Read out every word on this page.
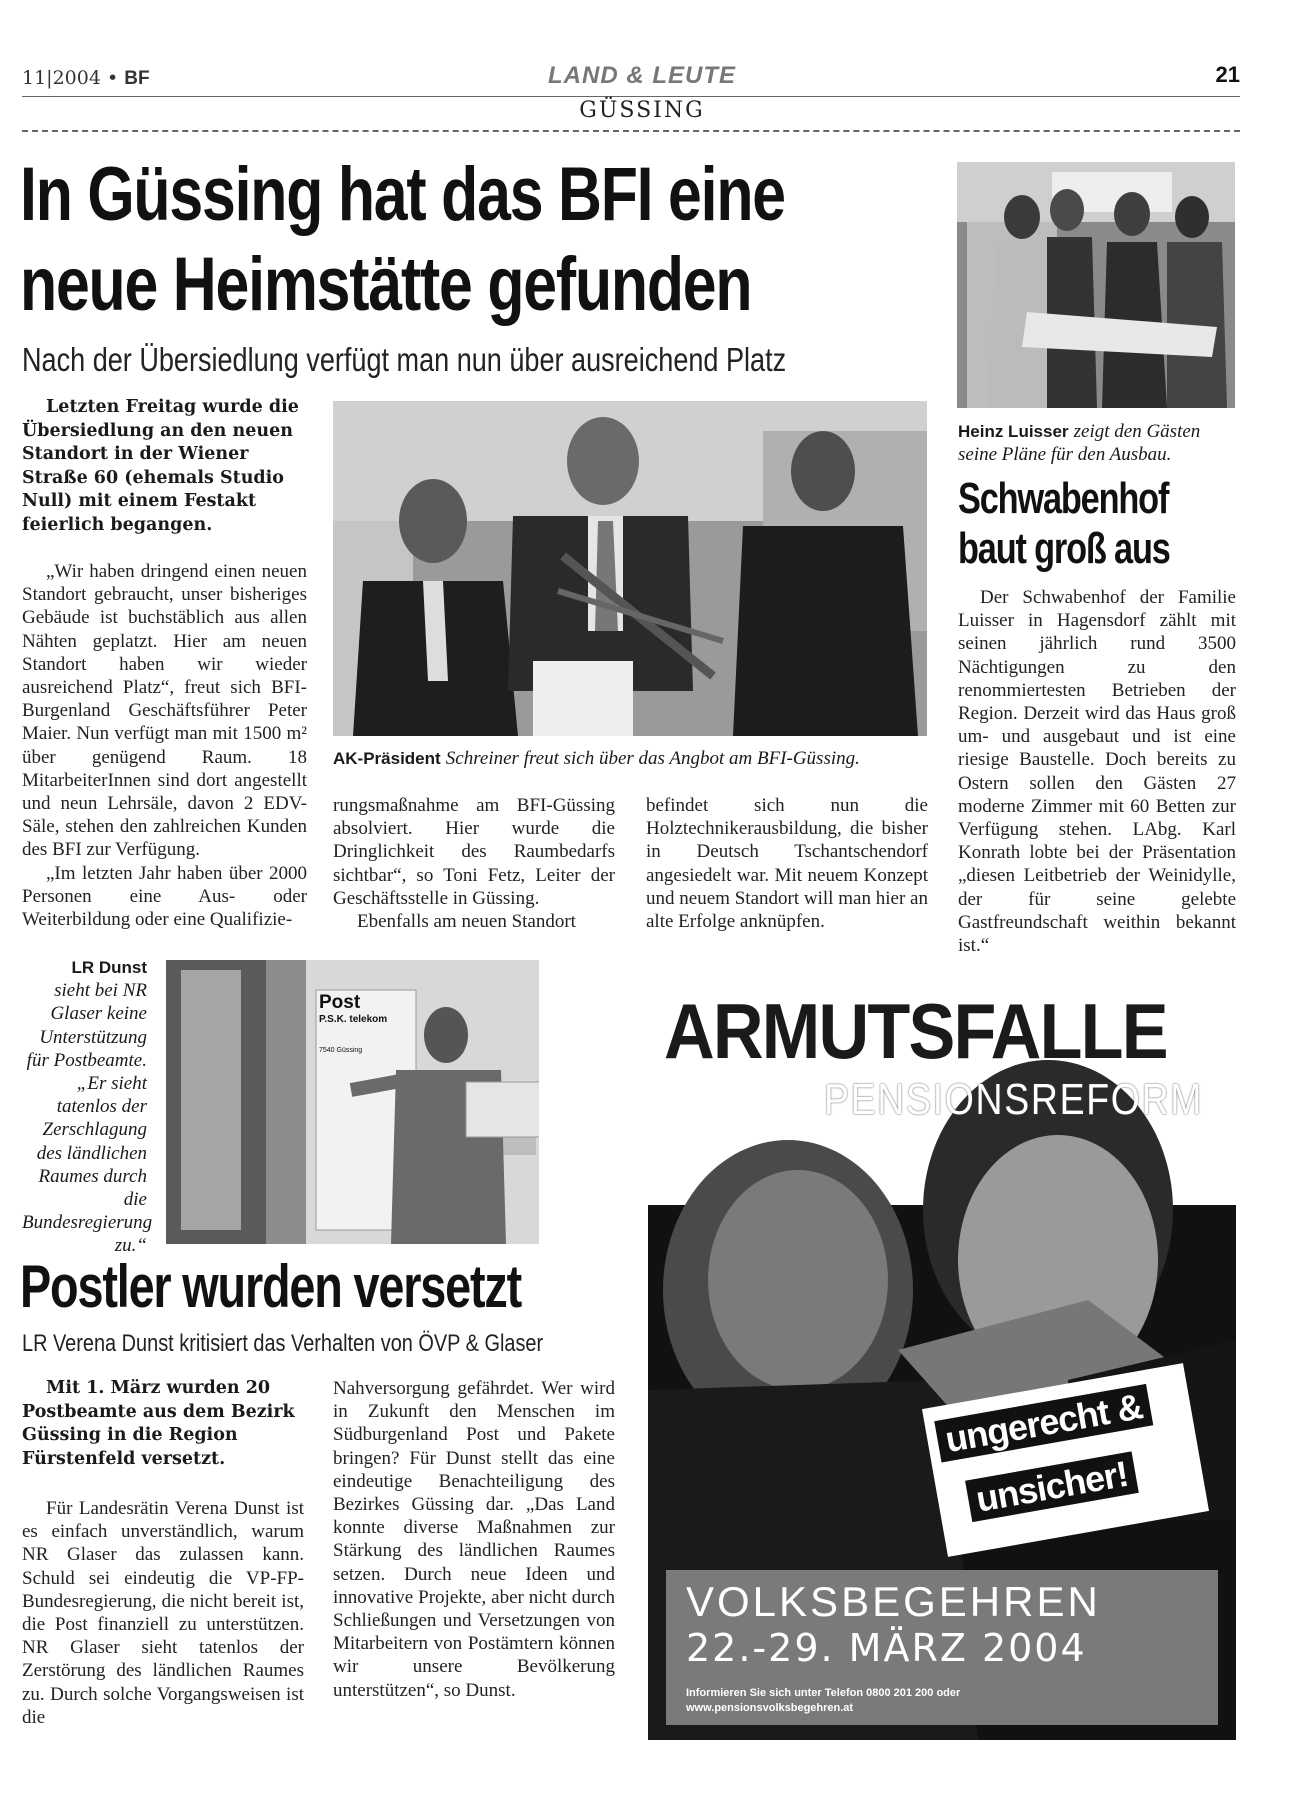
11|2004 • BF	LAND & LEUTE	21
GÜSSING
In Güssing hat das BFI eine
neue Heimstätte gefunden
Nach der Übersiedlung verfügt man nun über ausreichend Platz
Heinz Luisser zeigt den Gästen seine Pläne für den Ausbau.
Schwabenhof
baut groß aus
Der Schwabenhof der Familie Luisser in Hagensdorf zählt mit seinen jährlich rund 3500 Nächtigungen zu den renommiertesten Betrieben der Region. Derzeit wird das Haus groß um- und ausgebaut und ist eine riesige Baustelle. Doch bereits zu Ostern sollen den Gästen 27 moderne Zimmer mit 60 Betten zur Verfügung stehen. LAbg. Karl Konrath lobte bei der Präsentation „diesen Leitbetrieb der Weinidylle, der für seine gelebte Gastfreundschaft weithin bekannt ist.“
Letzten Freitag wurde die Übersiedlung an den neuen Standort in der Wiener Straße 60 (ehemals Studio Null) mit einem Festakt feierlich begangen.

„Wir haben dringend einen neuen Standort gebraucht, unser bisheriges Gebäude ist buchstäblich aus allen Nähten geplatzt. Hier am neuen Standort haben wir wieder ausreichend Platz“, freut sich BFI-Burgenland Geschäftsführer Peter Maier. Nun verfügt man mit 1500 m² über genügend Raum. 18 MitarbeiterInnen sind dort angestellt und neun Lehrsäle, davon 2 EDV-Säle, stehen den zahlreichen Kunden des BFI zur Verfügung.

„Im letzten Jahr haben über 2000 Personen eine Aus- oder Weiterbildung oder eine Qualifizie-

AK-Präsident Schreiner freut sich über das Angbot am BFI-Güssing.

rungsmaßnahme am BFI-Güssing absolviert. Hier wurde die Dringlichkeit des Raumbedarfs sichtbar“, so Toni Fetz, Leiter der Geschäftsstelle in Güssing.

Ebenfalls am neuen Standort

befindet sich nun die Holztechnikerausbildung, die bisher in Deutsch Tschantschendorf angesiedelt war. Mit neuem Konzept und neuem Standort will man hier an alte Erfolge anknüpfen.

LR Dunst
sieht bei NR Glaser keine Unterstützung für Postbeamte. „Er sieht tatenlos der Zerschlagung des ländlichen Raumes durch die Bundesregierung zu.“
Post
P.S.K. telekom
7540 Güssing
Postler wurden versetzt
LR Verena Dunst kritisiert das Verhalten von ÖVP & Glaser
Mit 1. März wurden 20 Postbeamte aus dem Bezirk Güssing in die Region Fürstenfeld versetzt.
Für Landesrätin Verena Dunst ist es einfach unverständlich, warum NR Glaser das zulassen kann. Schuld sei eindeutig die VP-FP-Bundesregierung, die nicht bereit ist, die Post finanziell zu unterstützen. NR Glaser sieht tatenlos der Zerstörung des ländlichen Raumes zu. Durch solche Vorgangsweisen ist die
Nahversorgung gefährdet. Wer wird in Zukunft den Menschen im Südburgenland Post und Pakete bringen? Für Dunst stellt das eine eindeutige Benachteiligung des Bezirkes Güssing dar. „Das Land konnte diverse Maßnahmen zur Stärkung des ländlichen Raumes setzen. Durch neue Ideen und innovative Projekte, aber nicht durch Schließungen und Versetzungen von Mitarbeitern von Postämtern können wir unsere Bevölkerung unterstützen“, so Dunst.
ARMUTSFALLE
PENSIONSREFORM
ungerecht &
unsicher!
VOLKSBEGEHREN
22.-29. MÄRZ 2004
Informieren Sie sich unter Telefon 0800 201 200 oder
www.pensionsvolksbegehren.at
